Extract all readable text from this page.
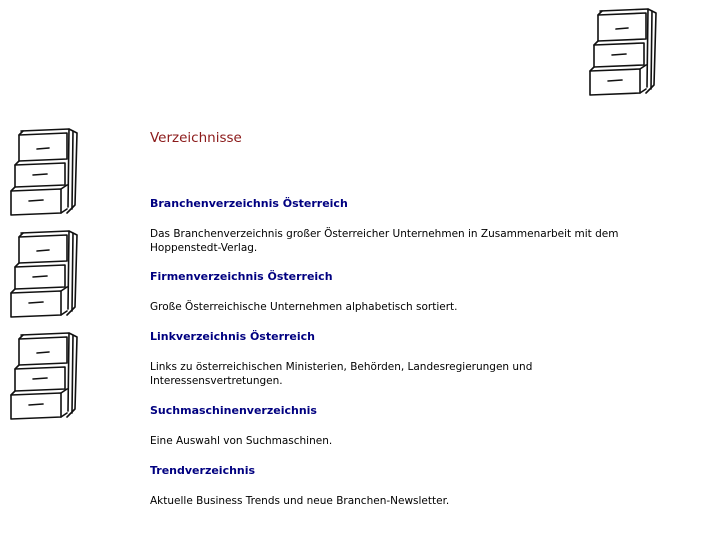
Verzeichnisse
Branchenverzeichnis Österreich
Das Branchenverzeichnis großer Österreicher Unternehmen in Zusammenarbeit mit dem Hoppenstedt-Verlag.
Firmenverzeichnis Österreich
Große Österreichische Unternehmen alphabetisch sortiert.
Linkverzeichnis Österreich
Links zu österreichischen Ministerien, Behörden, Landesregierungen und Interessensvertretungen.
Suchmaschinenverzeichnis
Eine Auswahl von Suchmaschinen.
Trendverzeichnis
Aktuelle Business Trends und neue Branchen-Newsletter.
